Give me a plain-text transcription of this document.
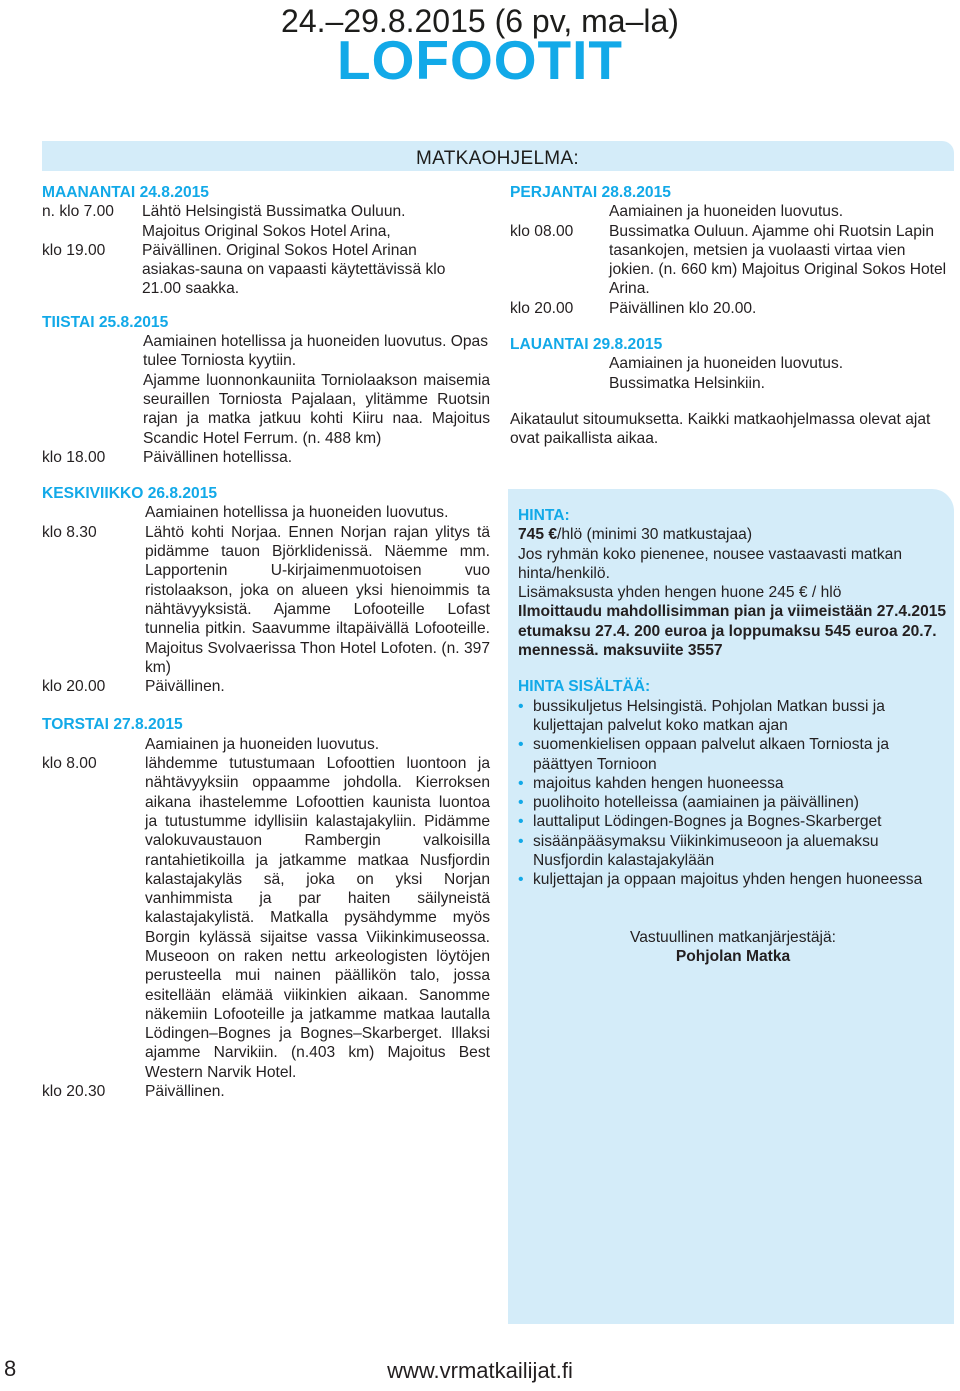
24.–29.8.2015 (6 pv, ma–la)
LOFOOTIT
MATKAOHJELMA:
MAANANTAI 24.8.2015
n. klo 7.00	Lähtö Helsingistä Bussimatka Ouluun.
Majoitus Original Sokos Hotel Arina,
klo 19.00	Päivällinen. Original Sokos Hotel Arinan asiakas-sauna on vapaasti käytettävissä klo 21.00 saakka.
TIISTAI 25.8.2015
Aamiainen hotellissa ja huoneiden luovutus. Opas tulee Torniosta kyytiin.
Ajamme luonnonkauniita Torniolaakson maisemia seuraillen Torniosta Pajalaan, ylitämme Ruotsin rajan ja matka jatkuu kohti Kiiru naa. Majoitus Scandic Hotel Ferrum. (n. 488 km)
klo 18.00	Päivällinen hotellissa.
KESKIVIIKKO 26.8.2015
Aamiainen hotellissa ja huoneiden luovutus.
klo 8.30	Lähtö kohti Norjaa. Ennen Norjan rajan ylitys tä pidämme tauon Björklidenissä. Näemme mm. Lapportenin U-kirjaimenmuotoisen vuo ristolaakson, joka on alueen yksi hienoimmis ta nähtävyyksistä. Ajamme Lofooteille Lofast tunnelia pitkin. Saavumme iltapäivällä Lofooteille. Majoitus Svolvaerissa Thon Hotel Lofoten. (n. 397 km)
klo 20.00	Päivällinen.
TORSTAI 27.8.2015
Aamiainen ja huoneiden luovutus.
klo 8.00	lähdemme tutustumaan Lofoottien luontoon ja nähtävyyksiin oppaamme johdolla. Kierroksen aikana ihastelemme Lofoottien kaunista luontoa ja tutustumme idyllisiin kalastajakyliin. Pidämme valokuvaustauon Rambergin valkoisilla rantahietikoilla ja jatkamme matkaa Nusfjordin kalastajakyläs sä, joka on yksi Norjan vanhimmista ja par haiten säilyneistä kalastajakylistä. Matkalla pysähdymme myös Borgin kylässä sijaitse vassa Viikinkimuseossa. Museoon on raken nettu arkeologisten löytöjen perusteella mui nainen päällikön talo, jossa esitellään elämää viikinkien aikaan. Sanomme näkemiin Lofooteille ja jatkamme matkaa lautalla Lödingen–Bognes ja Bognes–Skarberget. Illaksi ajamme Narvikiin. (n.403 km) Majoitus Best Western Narvik Hotel.
klo 20.30	Päivällinen.
PERJANTAI 28.8.2015
Aamiainen ja huoneiden luovutus.
klo 08.00	Bussimatka Ouluun. Ajamme ohi Ruotsin Lapin tasankojen, metsien ja vuolaasti virtaa vien jokien. (n. 660 km) Majoitus Original Sokos Hotel Arina.
klo 20.00	Päivällinen klo 20.00.
LAUANTAI 29.8.2015
Aamiainen ja huoneiden luovutus. Bussimatka Helsinkiin.
Aikataulut sitoumuksetta. Kaikki matkaohjelmassa olevat ajat ovat paikallista aikaa.
HINTA:
745 €/hlö (minimi 30 matkustajaa)
Jos ryhmän koko pienenee, nousee vastaavasti matkan hinta/henkilö.
Lisämaksusta yhden hengen huone 245 € / hlö
Ilmoittaudu mahdollisimman pian ja viimeistään 27.4.2015 etumaksu 27.4. 200 euroa ja loppumaksu 545 euroa 20.7. mennessä. maksuviite 3557
HINTA SISÄLTÄÄ:
• bussikuljetus Helsingistä. Pohjolan Matkan bussi ja kuljettajan palvelut koko matkan ajan
• suomenkielisen oppaan palvelut alkaen Torniosta ja päättyen Tornioon
• majoitus kahden hengen huoneessa
• puolihoito hotelleissa (aamiainen ja päivällinen)
• lauttaliput Lödingen-Bognes ja Bognes-Skarberget
• sisäänpääsymaksu Viikinkimuseoon ja aluemaksu Nusfjordin kalastajakylään
• kuljettajan ja oppaan majoitus yhden hengen huoneessa
Vastuullinen matkanjärjestäjä:
Pohjolan Matka
8	www.vrmatkailijat.fi
